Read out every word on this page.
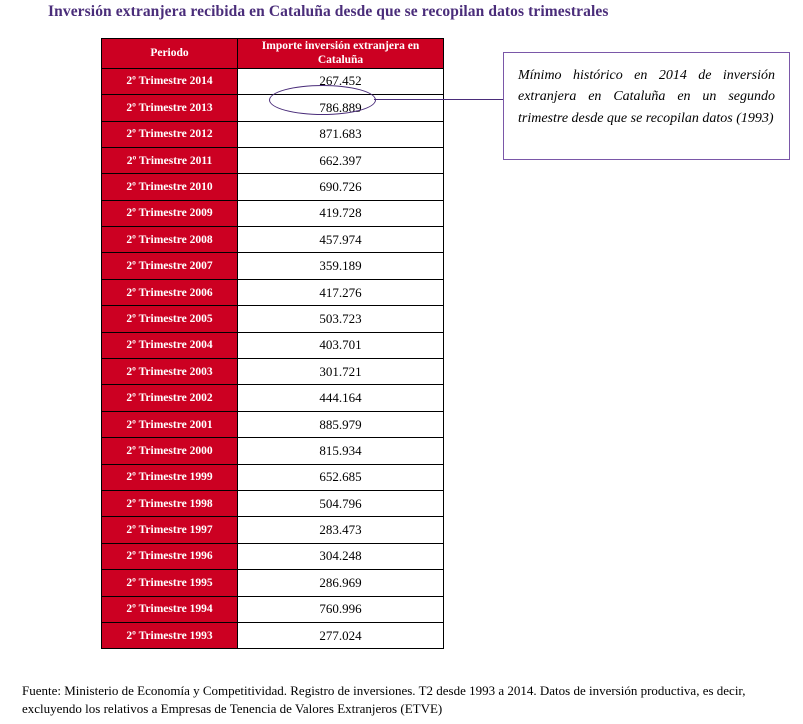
Inversión extranjera recibida en Cataluña desde que se recopilan datos trimestrales
Periodo	Importe inversión extranjera en Cataluña
2º Trimestre 2014	267.452
2º Trimestre 2013	786.889
2º Trimestre 2012	871.683
2º Trimestre 2011	662.397
2º Trimestre 2010	690.726
2º Trimestre 2009	419.728
2º Trimestre 2008	457.974
2º Trimestre 2007	359.189
2º Trimestre 2006	417.276
2º Trimestre 2005	503.723
2º Trimestre 2004	403.701
2º Trimestre 2003	301.721
2º Trimestre 2002	444.164
2º Trimestre 2001	885.979
2º Trimestre 2000	815.934
2º Trimestre 1999	652.685
2º Trimestre 1998	504.796
2º Trimestre 1997	283.473
2º Trimestre 1996	304.248
2º Trimestre 1995	286.969
2º Trimestre 1994	760.996
2º Trimestre 1993	277.024
Mínimo histórico en 2014 de inversión extranjera en Cataluña en un segundo trimestre desde que se recopilan datos (1993)
Fuente: Ministerio de Economía y Competitividad. Registro de inversiones. T2 desde 1993 a 2014. Datos de inversión productiva, es decir, excluyendo los relativos a Empresas de Tenencia de Valores Extranjeros (ETVE)
